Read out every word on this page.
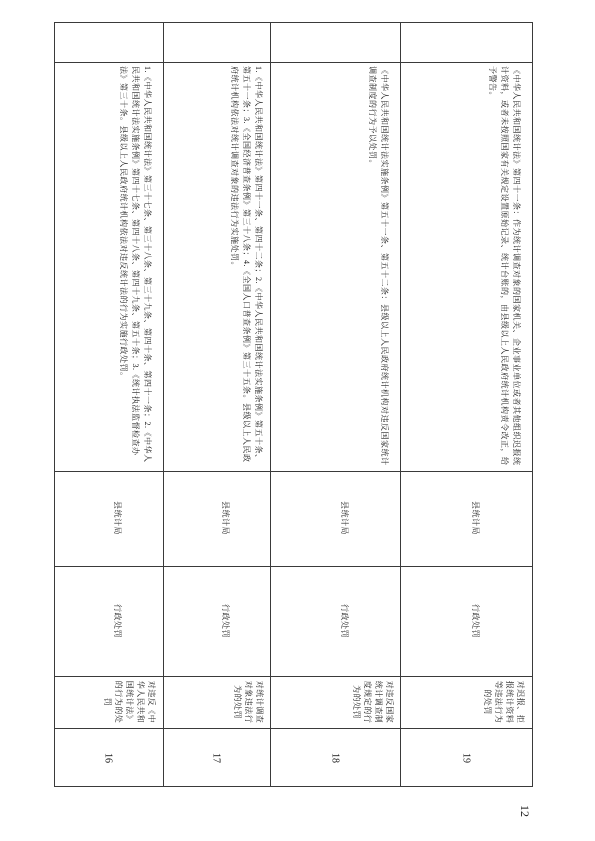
16
对违反《中华人民共和国统计法》的行为的处罚
行政处罚
县统计局
1.《中华人民共和国统计法》第三十七条、第三十八条、第三十九条、第四十条、第四十一条；2.《中华人民共和国统计法实施条例》第四十七条、第四十八条、第四十九条、第五十条；3.《统计执法监督检查办法》第三十条。县级以上人民政府统计机构依法对违反统计法的行为实施行政处罚。
17
对统计调查对象违法行为的处罚
行政处罚
县统计局
1.《中华人民共和国统计法》第四十一条、第四十二条；2.《中华人民共和国统计法实施条例》第五十条、第五十一条；3.《全国经济普查条例》第三十八条；4.《全国人口普查条例》第三十五条。县级以上人民政府统计机构依法对统计调查对象的违法行为实施处罚。
18
对违反国家统计调查制度规定的行为的处罚
行政处罚
县统计局
《中华人民共和国统计法实施条例》第五十一条、第五十二条：县级以上人民政府统计机构对违反国家统计调查制度的行为予以处罚。
19
对迟报、拒报统计资料等违法行为的处罚
行政处罚
县统计局
《中华人民共和国统计法》第四十一条：作为统计调查对象的国家机关、企业事业单位或者其他组织迟报统计资料，或者未按照国家有关规定设置原始记录、统计台账的，由县级以上人民政府统计机构责令改正，给予警告。
12
